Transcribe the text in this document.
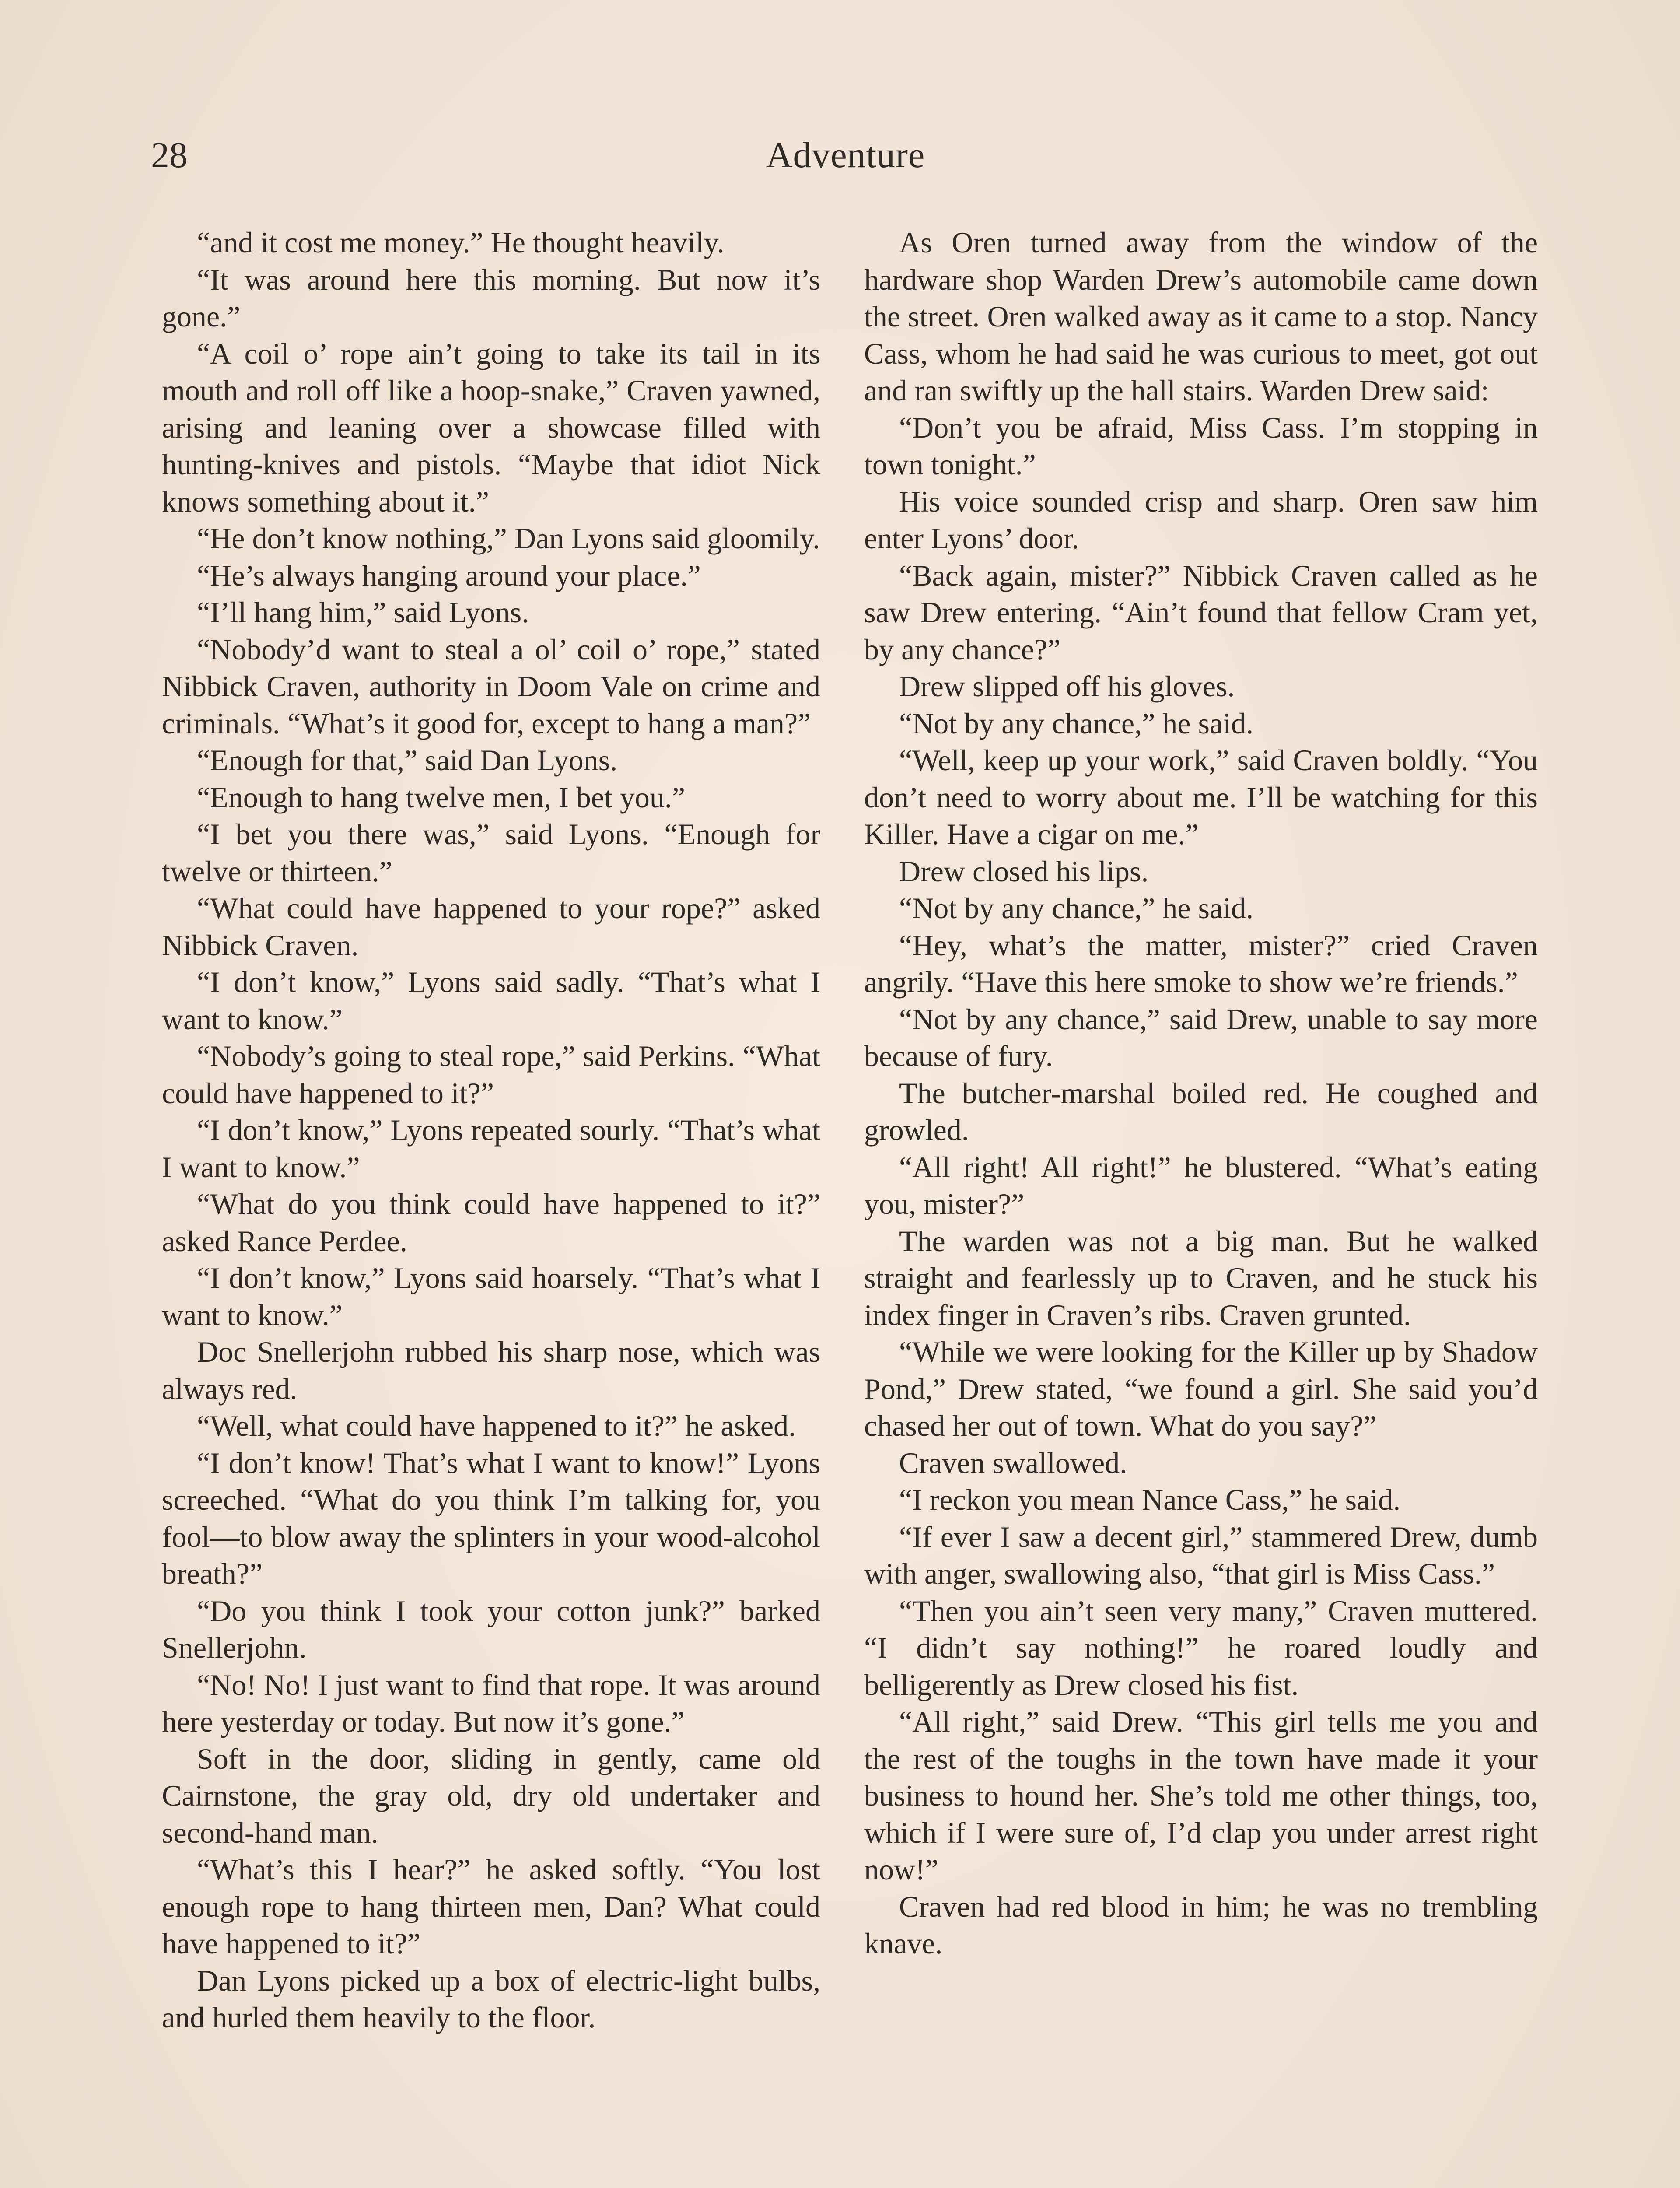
28	Adventure

“and it cost me money.” He thought heavily.

“It was around here this morning. But now it’s gone.”

“A coil o’ rope ain’t going to take its tail in its mouth and roll off like a hoop-snake,” Craven yawned, arising and leaning over a showcase filled with hunting-knives and pistols. “Maybe that idiot Nick knows something about it.”

“He don’t know nothing,” Dan Lyons said gloomily.

“He’s always hanging around your place.”

“I’ll hang him,” said Lyons.

“Nobody’d want to steal a ol’ coil o’ rope,” stated Nibbick Craven, authority in Doom Vale on crime and criminals. “What’s it good for, except to hang a man?”

“Enough for that,” said Dan Lyons.

“Enough to hang twelve men, I bet you.”

“I bet you there was,” said Lyons. “Enough for twelve or thirteen.”

“What could have happened to your rope?” asked Nibbick Craven.

“I don’t know,” Lyons said sadly. “That’s what I want to know.”

“Nobody’s going to steal rope,” said Perkins. “What could have happened to it?”

“I don’t know,” Lyons repeated sourly. “That’s what I want to know.”

“What do you think could have happened to it?” asked Rance Perdee.

“I don’t know,” Lyons said hoarsely. “That’s what I want to know.”

Doc Snellerjohn rubbed his sharp nose, which was always red.

“Well, what could have happened to it?” he asked.

“I don’t know! That’s what I want to know!” Lyons screeched. “What do you think I’m talking for, you fool—to blow away the splinters in your wood-alcohol breath?”

“Do you think I took your cotton junk?” barked Snellerjohn.

“No! No! I just want to find that rope. It was around here yesterday or today. But now it’s gone.”

Soft in the door, sliding in gently, came old Cairnstone, the gray old, dry old undertaker and second-hand man.

“What’s this I hear?” he asked softly. “You lost enough rope to hang thirteen men, Dan? What could have happened to it?”

Dan Lyons picked up a box of electric-light bulbs, and hurled them heavily to the floor.

As Oren turned away from the window of the hardware shop Warden Drew’s automobile came down the street. Oren walked away as it came to a stop. Nancy Cass, whom he had said he was curious to meet, got out and ran swiftly up the hall stairs. Warden Drew said:

“Don’t you be afraid, Miss Cass. I’m stopping in town tonight.”

His voice sounded crisp and sharp. Oren saw him enter Lyons’ door.

“Back again, mister?” Nibbick Craven called as he saw Drew entering. “Ain’t found that fellow Cram yet, by any chance?”

Drew slipped off his gloves.

“Not by any chance,” he said.

“Well, keep up your work,” said Craven boldly. “You don’t need to worry about me. I’ll be watching for this Killer. Have a cigar on me.”

Drew closed his lips.

“Not by any chance,” he said.

“Hey, what’s the matter, mister?” cried Craven angrily. “Have this here smoke to show we’re friends.”

“Not by any chance,” said Drew, unable to say more because of fury.

The butcher-marshal boiled red. He coughed and growled.

“All right! All right!” he blustered. “What’s eating you, mister?”

The warden was not a big man. But he walked straight and fearlessly up to Craven, and he stuck his index finger in Craven’s ribs. Craven grunted.

“While we were looking for the Killer up by Shadow Pond,” Drew stated, “we found a girl. She said you’d chased her out of town. What do you say?”

Craven swallowed.

“I reckon you mean Nance Cass,” he said.

“If ever I saw a decent girl,” stammered Drew, dumb with anger, swallowing also, “that girl is Miss Cass.”

“Then you ain’t seen very many,” Craven muttered. “I didn’t say nothing!” he roared loudly and belligerently as Drew closed his fist.

“All right,” said Drew. “This girl tells me you and the rest of the toughs in the town have made it your business to hound her. She’s told me other things, too, which if I were sure of, I’d clap you under arrest right now!”

Craven had red blood in him; he was no trembling knave.
